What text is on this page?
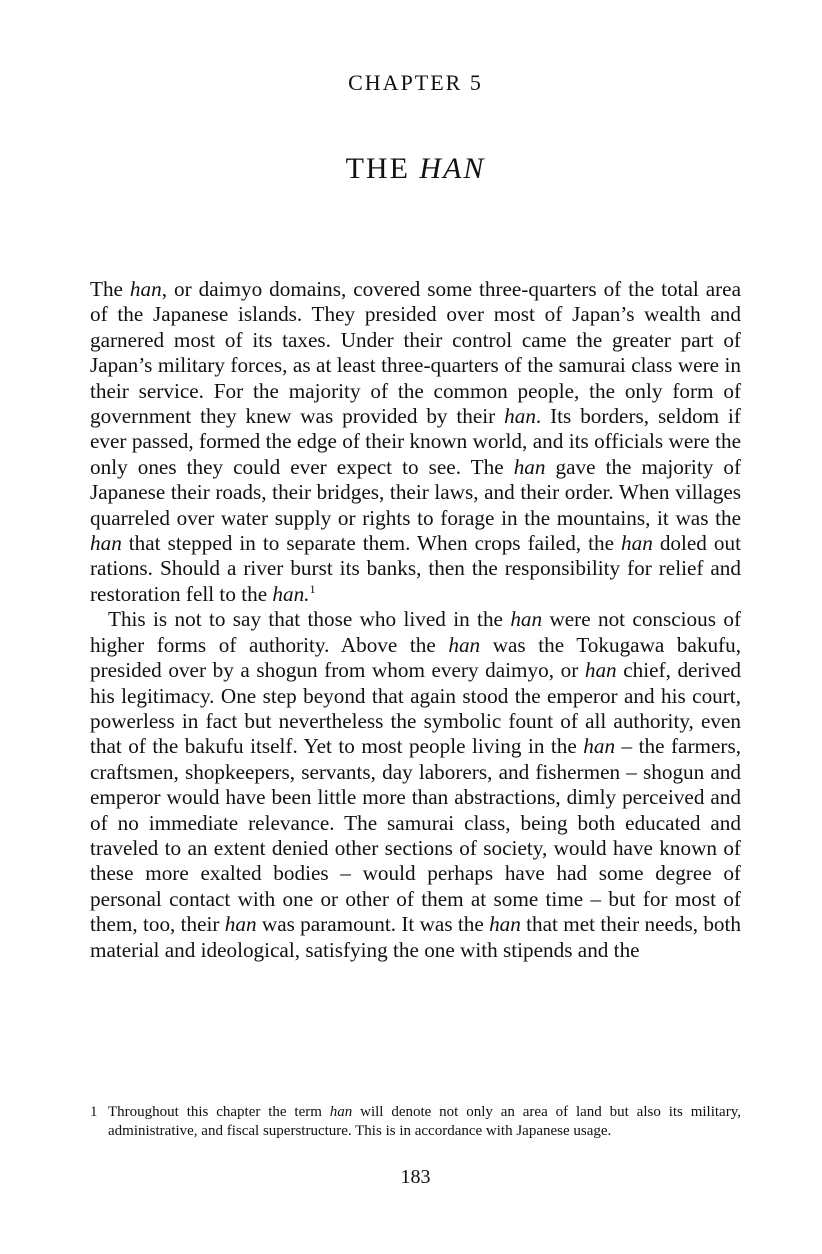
CHAPTER 5
THE HAN

The han, or daimyo domains, covered some three-quarters of the total area of the Japanese islands. They presided over most of Japan’s wealth and garnered most of its taxes. Under their control came the greater part of Japan’s military forces, as at least three-quarters of the samurai class were in their service. For the majority of the common people, the only form of government they knew was provided by their han. Its borders, seldom if ever passed, formed the edge of their known world, and its officials were the only ones they could ever expect to see. The han gave the majority of Japanese their roads, their bridges, their laws, and their order. When villages quarreled over water supply or rights to forage in the mountains, it was the han that stepped in to separate them. When crops failed, the han doled out rations. Should a river burst its banks, then the responsibility for relief and restoration fell to the han.$^1$

This is not to say that those who lived in the han were not conscious of higher forms of authority. Above the han was the Tokugawa bakufu, presided over by a shogun from whom every daimyo, or han chief, derived his legitimacy. One step beyond that again stood the emperor and his court, powerless in fact but nevertheless the symbolic fount of all authority, even that of the bakufu itself. Yet to most people living in the han – the farmers, craftsmen, shopkeepers, servants, day laborers, and fishermen – shogun and emperor would have been little more than abstractions, dimly perceived and of no immediate relevance. The samurai class, being both educated and traveled to an extent denied other sections of society, would have known of these more exalted bodies – would perhaps have had some degree of personal contact with one or other of them at some time – but for most of them, too, their han was paramount. It was the han that met their needs, both material and ideological, satisfying the one with stipends and the

1 Throughout this chapter the term han will denote not only an area of land but also its military, administrative, and fiscal superstructure. This is in accordance with Japanese usage.
183
